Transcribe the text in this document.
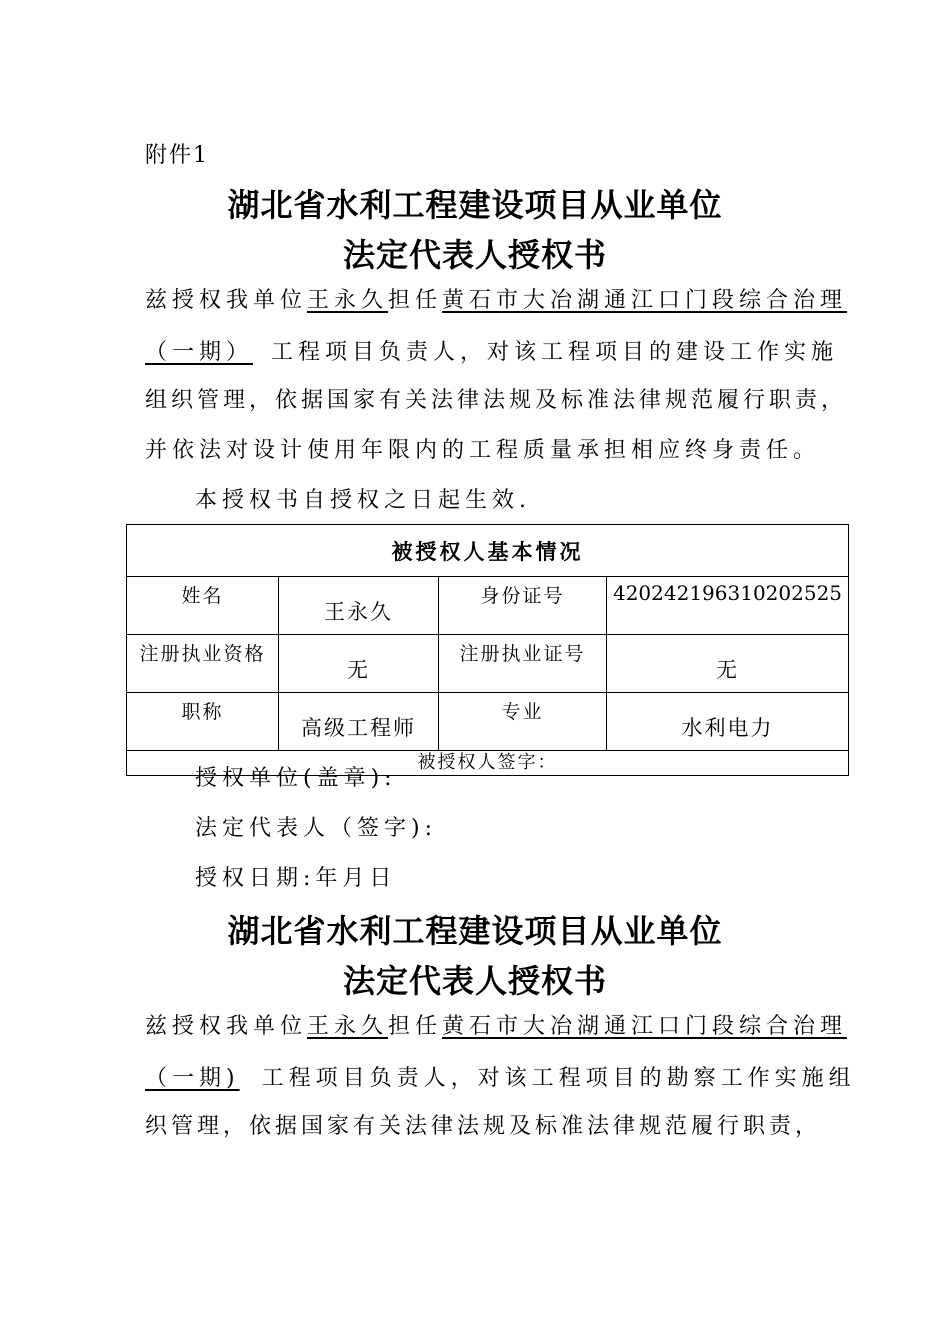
附件1
湖北省水利工程建设项目从业单位
法定代表人授权书
兹授权我单位王永久担任黄石市大冶湖通江口门段综合治理
（一期） 工程项目负责人，对该工程项目的建设工作实施
组织管理，依据国家有关法律法规及标准法律规范履行职责，
并依法对设计使用年限内的工程质量承担相应终身责任。
本授权书自授权之日起生效.
被授权人基本情况			
姓名	王永久	身份证号	420242196310202525
注册执业资格	无	注册执业证号	无
职称	高级工程师	专业	水利电力
被授权人签字：			
授权单位(盖章):
法定代表人（签字):
授权日期:年月日
湖北省水利工程建设项目从业单位
法定代表人授权书
兹授权我单位王永久担任黄石市大冶湖通江口门段综合治理
（一期) 工程项目负责人，对该工程项目的勘察工作实施组
织管理，依据国家有关法律法规及标准法律规范履行职责，
